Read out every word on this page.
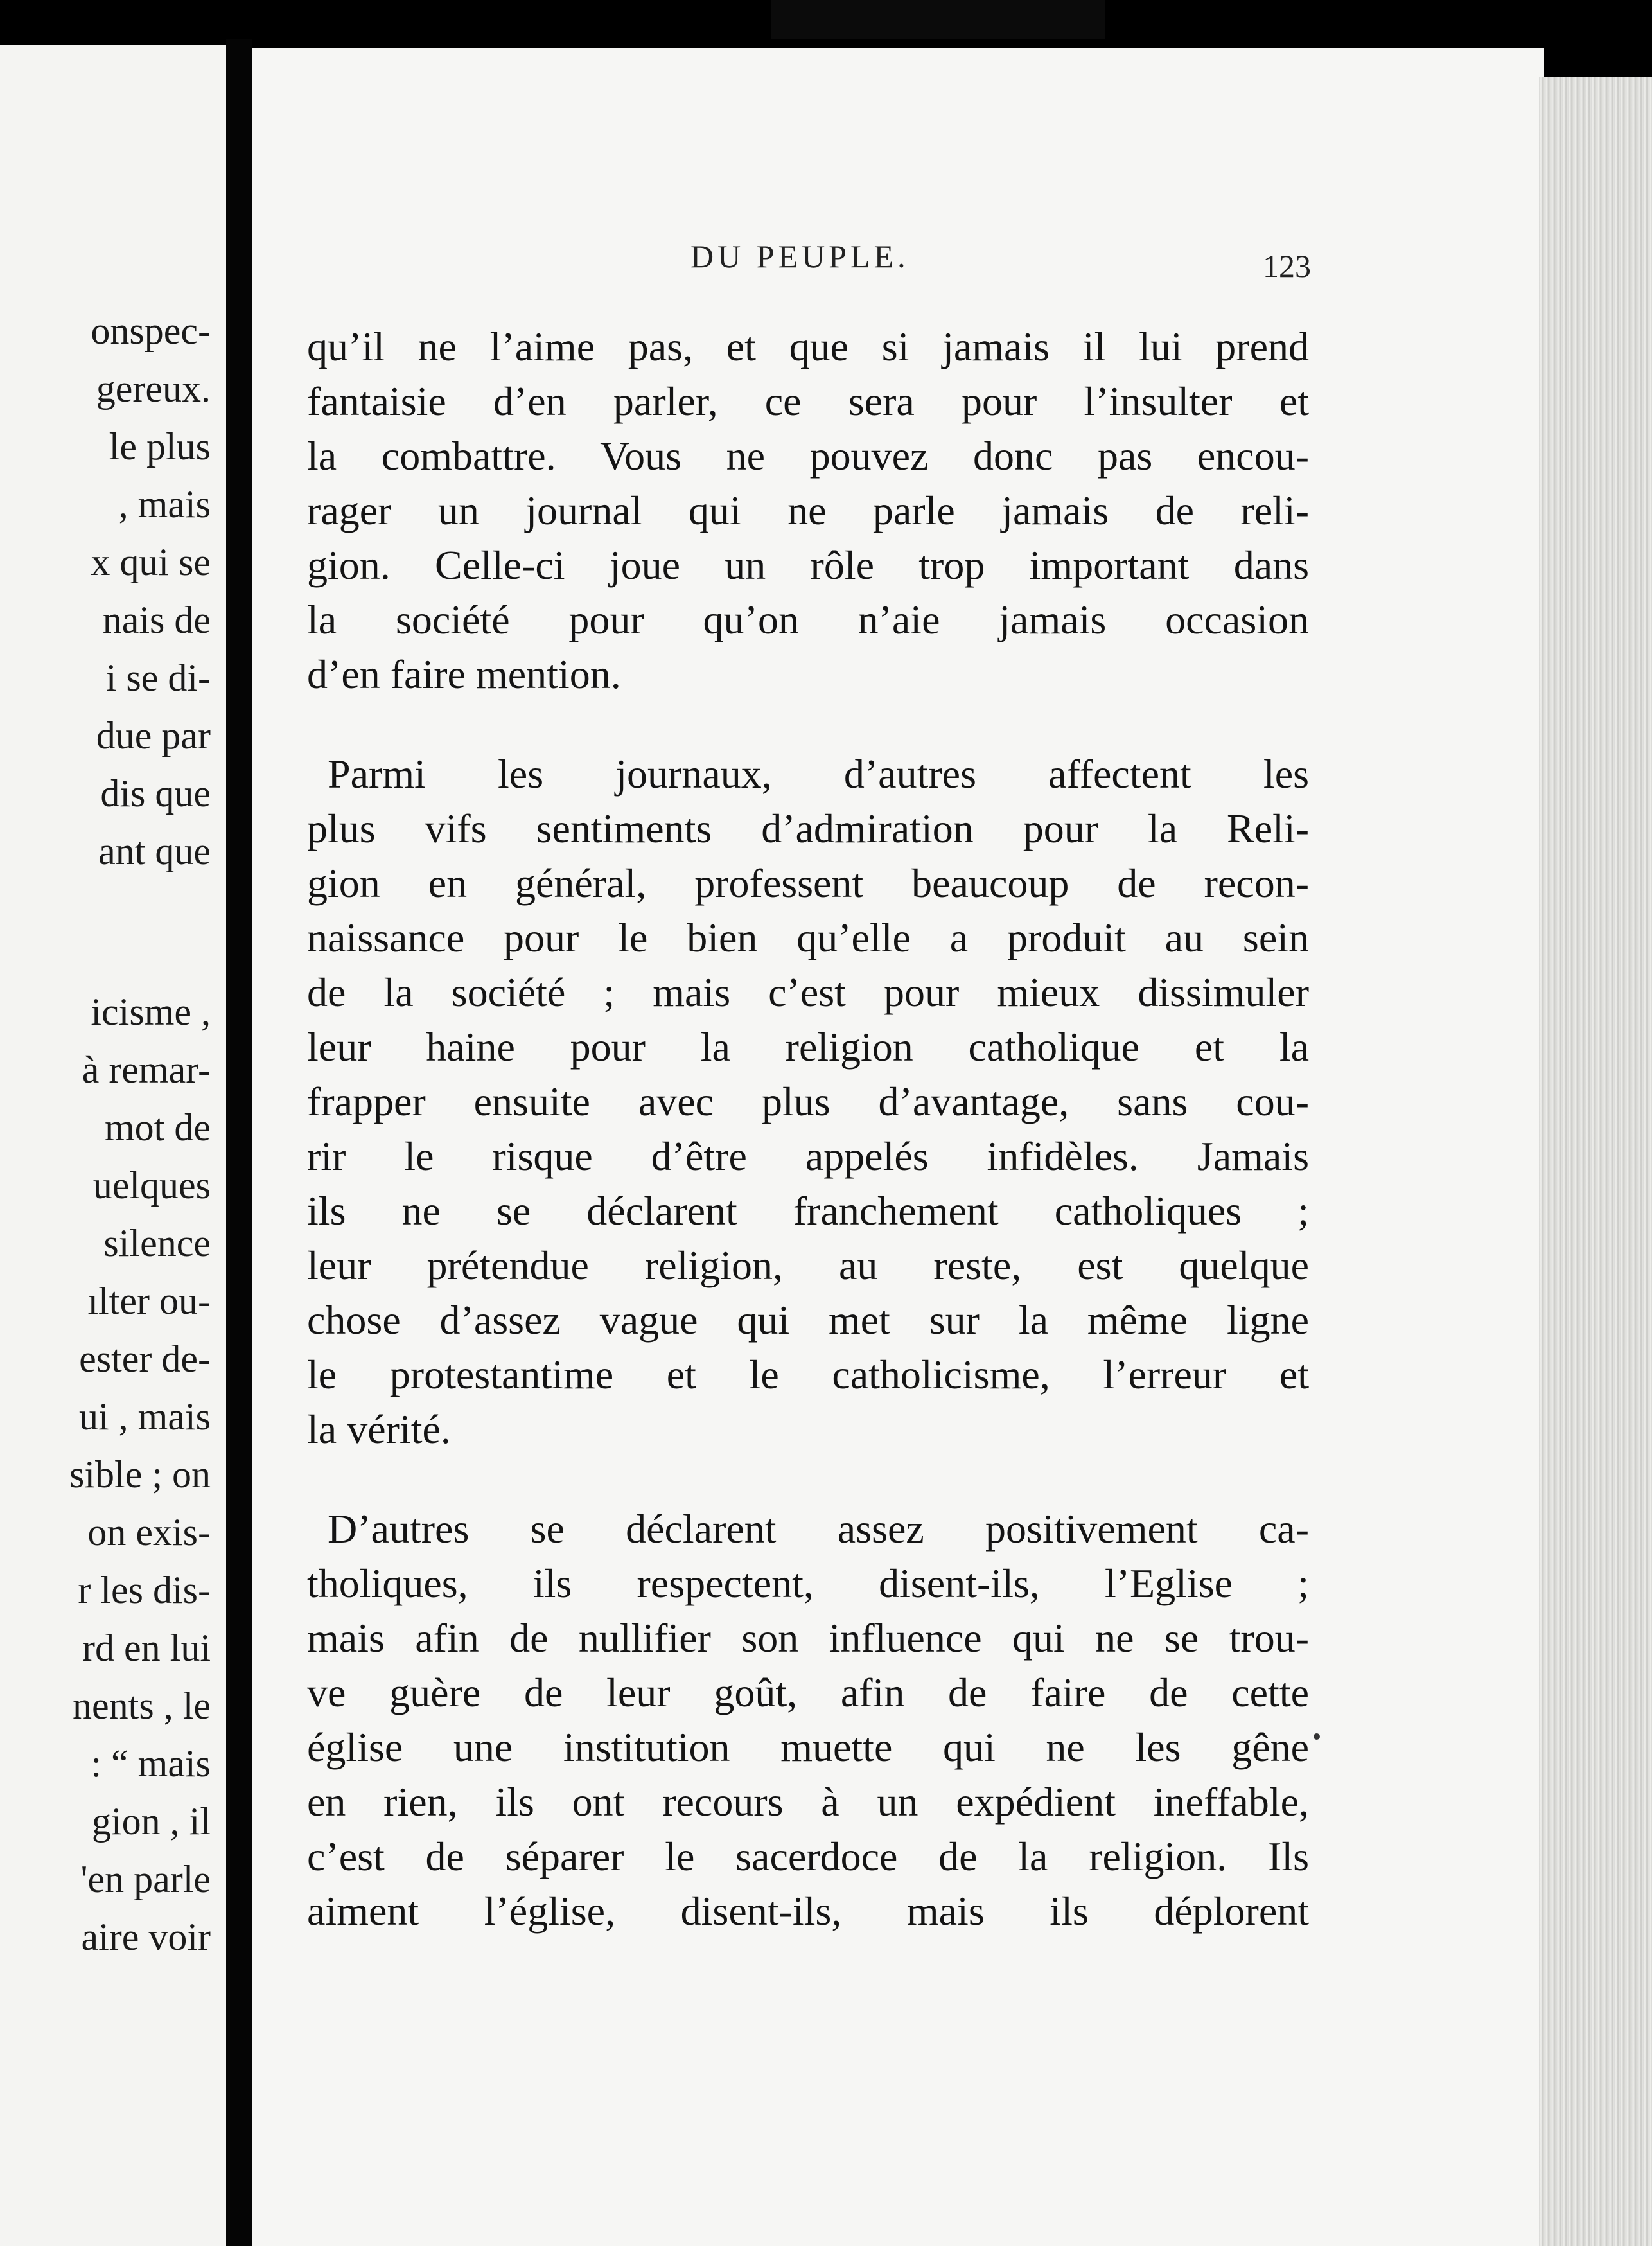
onspec-
gereux.
le plus
, mais
x qui se
nais de
i se di-
due par
dis que
ant que
icisme ,
à remar-
mot de
uelques
silence
ılter ou-
ester de-
ui , mais
sible ; on
on exis-
r les dis-
rd en lui
nents , le
: “ mais
gion , il
'en parle
aire voir
DU PEUPLE.	123
qu’il ne l’aime pas, et que si jamais il lui prend
fantaisie d’en parler, ce sera pour l’insulter et
la combattre. Vous ne pouvez donc pas encou-
rager un journal qui ne parle jamais de reli-
gion. Celle-ci joue un rôle trop important dans
la société pour qu’on n’aie jamais occasion
d’en faire mention.
Parmi les journaux, d’autres affectent les
plus vifs sentiments d’admiration pour la Reli-
gion en général, professent beaucoup de recon-
naissance pour le bien qu’elle a produit au sein
de la société ; mais c’est pour mieux dissimuler
leur haine pour la religion catholique et la
frapper ensuite avec plus d’avantage, sans cou-
rir le risque d’être appelés infidèles. Jamais
ils ne se déclarent franchement catholiques ;
leur prétendue religion, au reste, est quelque
chose d’assez vague qui met sur la même ligne
le protestantime et le catholicisme, l’erreur et
la vérité.
D’autres se déclarent assez positivement ca-
tholiques, ils respectent, disent-ils, l’Eglise ;
mais afin de nullifier son influence qui ne se trou-
ve guère de leur goût, afin de faire de cette
église une institution muette qui ne les gêne
en rien, ils ont recours à un expédient ineffable,
c’est de séparer le sacerdoce de la religion. Ils
aiment l’église, disent-ils, mais ils déplorent
